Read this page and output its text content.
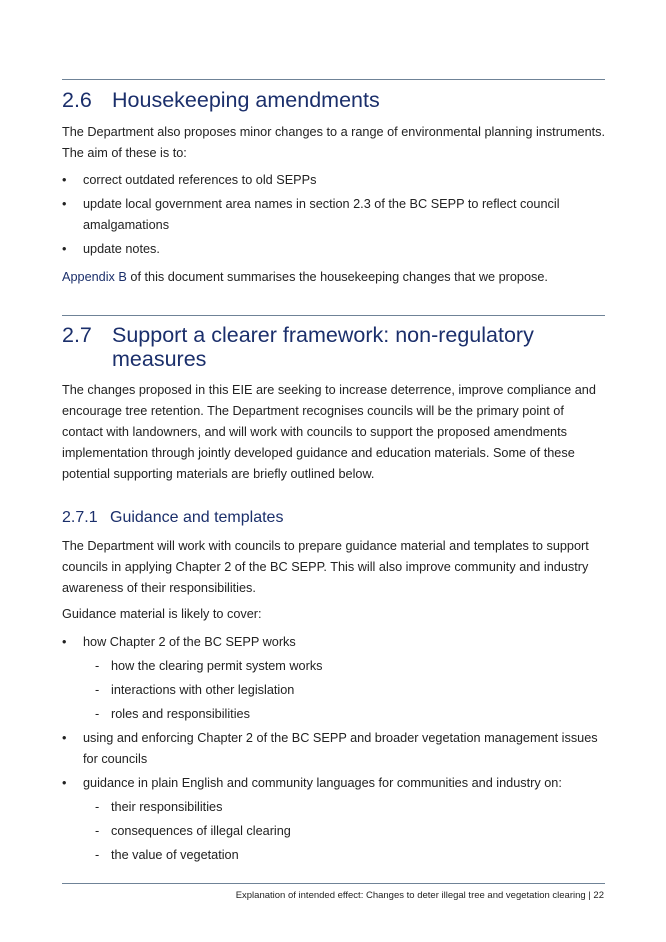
2.6 Housekeeping amendments
The Department also proposes minor changes to a range of environmental planning instruments. The aim of these is to:
• correct outdated references to old SEPPs
• update local government area names in section 2.3 of the BC SEPP to reflect council amalgamations
• update notes.
Appendix B of this document summarises the housekeeping changes that we propose.
2.7 Support a clearer framework: non-regulatory measures
The changes proposed in this EIE are seeking to increase deterrence, improve compliance and encourage tree retention. The Department recognises councils will be the primary point of contact with landowners, and will work with councils to support the proposed amendments implementation through jointly developed guidance and education materials. Some of these potential supporting materials are briefly outlined below.
2.7.1 Guidance and templates
The Department will work with councils to prepare guidance material and templates to support councils in applying Chapter 2 of the BC SEPP. This will also improve community and industry awareness of their responsibilities.
Guidance material is likely to cover:
• how Chapter 2 of the BC SEPP works
- how the clearing permit system works
- interactions with other legislation
- roles and responsibilities
• using and enforcing Chapter 2 of the BC SEPP and broader vegetation management issues for councils
• guidance in plain English and community languages for communities and industry on:
- their responsibilities
- consequences of illegal clearing
- the value of vegetation
Explanation of intended effect: Changes to deter illegal tree and vegetation clearing | 22
